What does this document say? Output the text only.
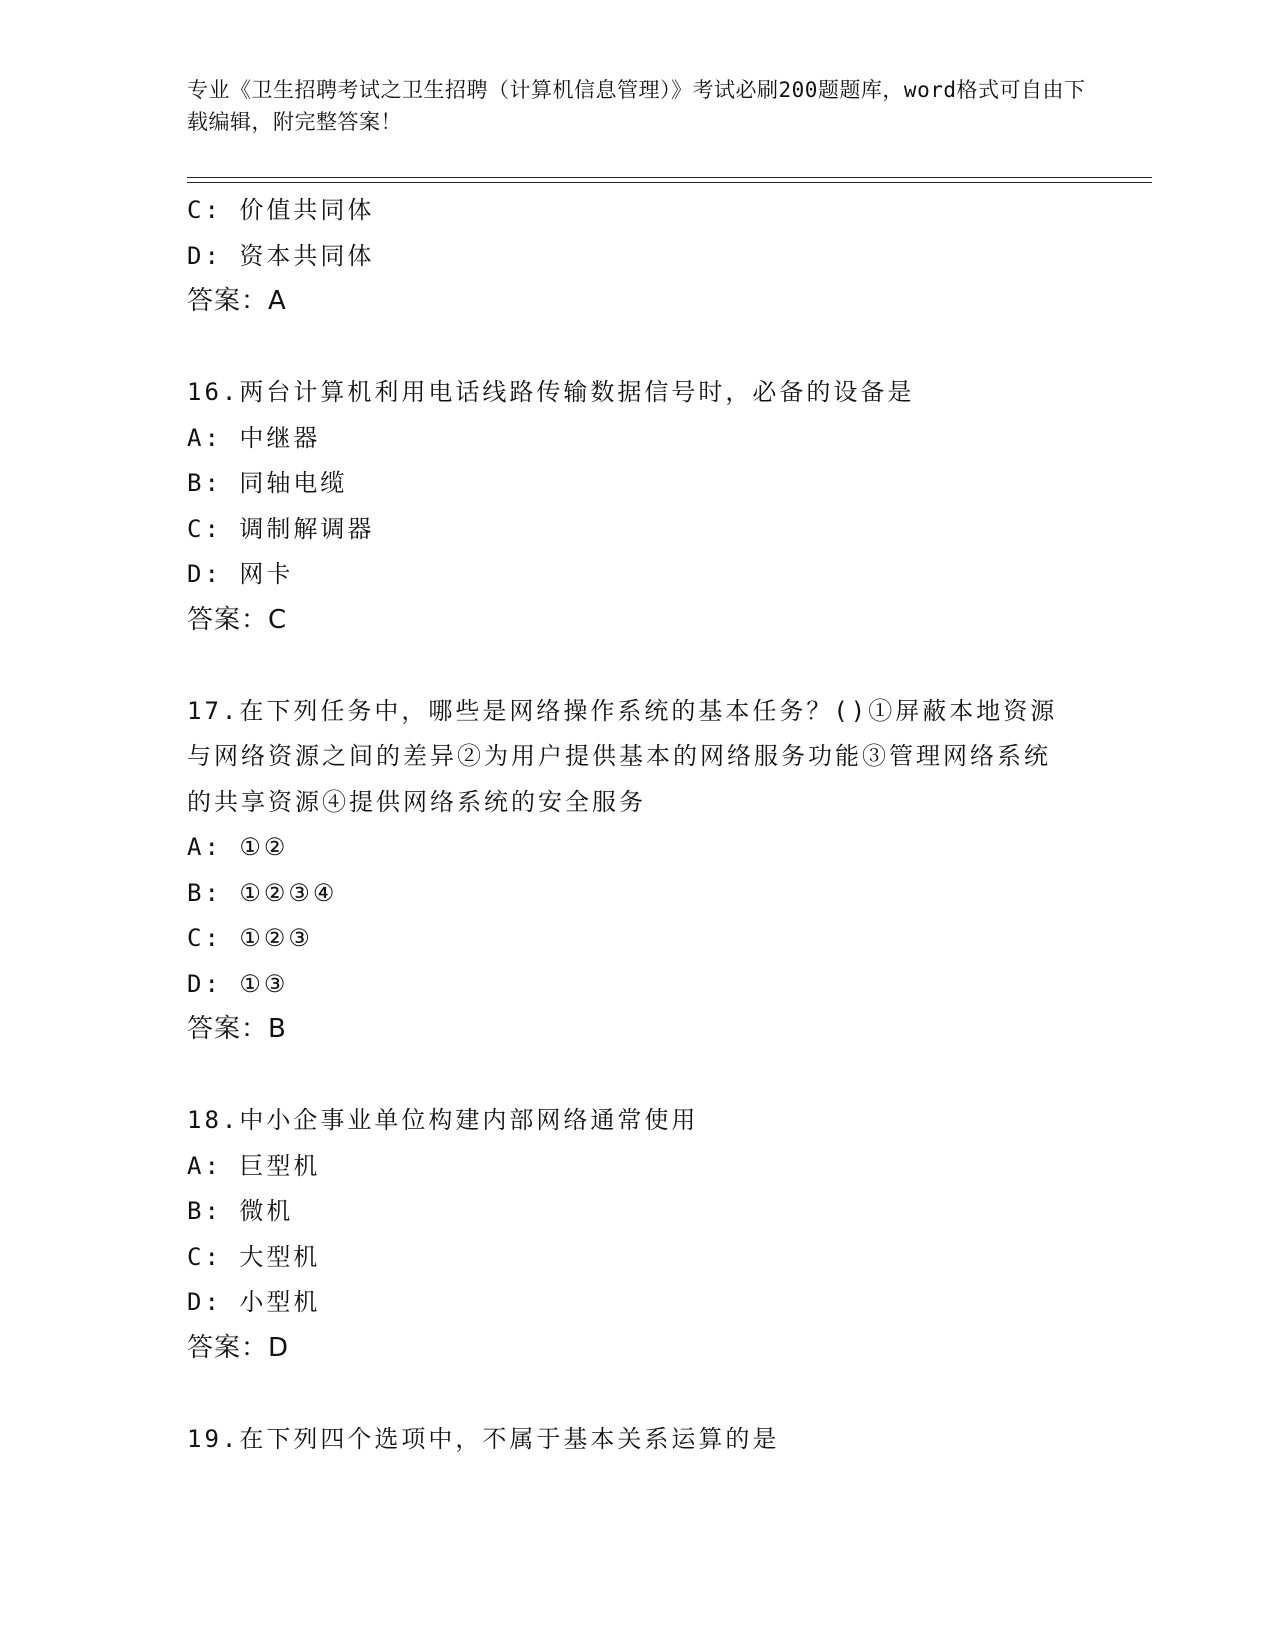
专业《卫生招聘考试之卫生招聘（计算机信息管理）》考试必刷200题题库，word格式可自由下载编辑，附完整答案！
C: 价值共同体
D: 资本共同体
答案：A
16.两台计算机利用电话线路传输数据信号时，必备的设备是
A: 中继器
B: 同轴电缆
C: 调制解调器
D: 网卡
答案：C
17.在下列任务中，哪些是网络操作系统的基本任务？()①屏蔽本地资源与网络资源之间的差异②为用户提供基本的网络服务功能③管理网络系统的共享资源④提供网络系统的安全服务
A: ①②
B: ①②③④
C: ①②③
D: ①③
答案：B
18.中小企事业单位构建内部网络通常使用
A: 巨型机
B: 微机
C: 大型机
D: 小型机
答案：D
19.在下列四个选项中，不属于基本关系运算的是
